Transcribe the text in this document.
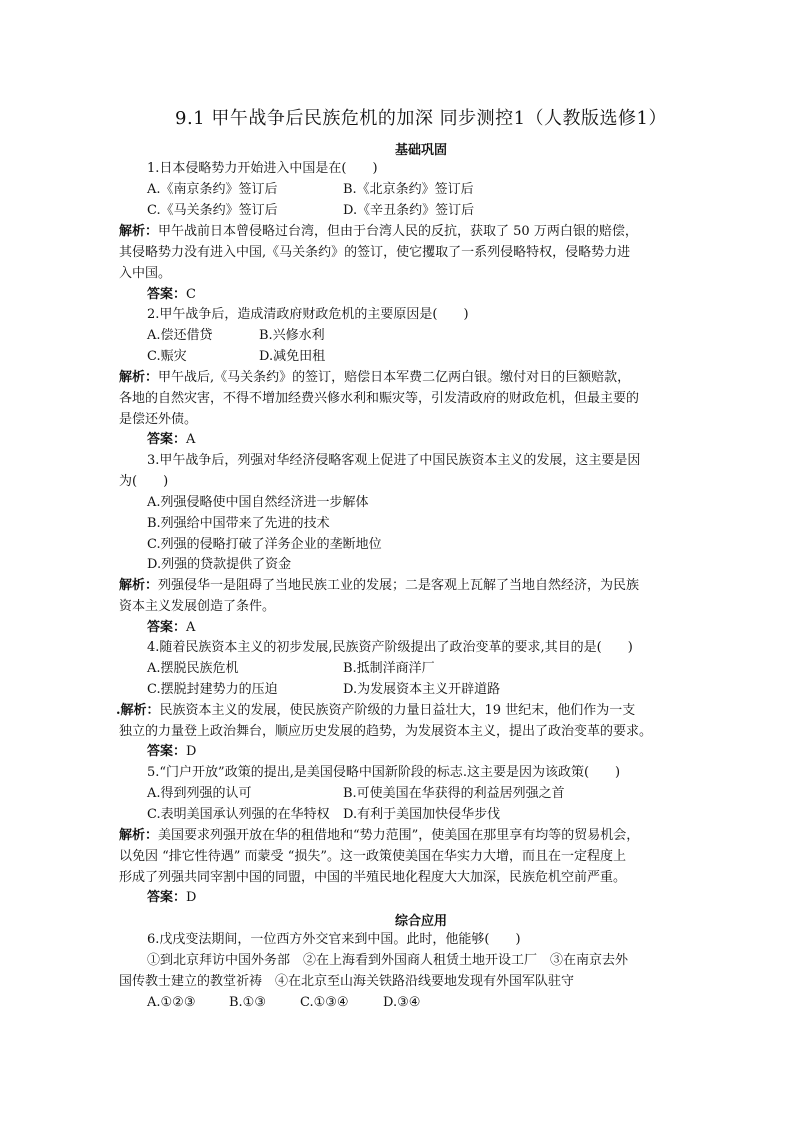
9.1 甲午战争后民族危机的加深 同步测控1（人教版选修1）
基础巩固
1.日本侵略势力开始进入中国是在(　　)
A.《南京条约》签订后	B.《北京条约》签订后
C.《马关条约》签订后	D.《辛丑条约》签订后
解析：甲午战前日本曾侵略过台湾，但由于台湾人民的反抗，获取了 50 万两白银的赔偿，
其侵略势力没有进入中国,《马关条约》的签订，使它攫取了一系列侵略特权，侵略势力进
入中国。
答案：C
2.甲午战争后，造成清政府财政危机的主要原因是(　　)
A.偿还借贷	B.兴修水利
C.赈灾	D.减免田租
解析：甲午战后,《马关条约》的签订，赔偿日本军费二亿两白银。缴付对日的巨额赔款，
各地的自然灾害，不得不增加经费兴修水利和赈灾等，引发清政府的财政危机，但最主要的
是偿还外债。
答案：A
3.甲午战争后，列强对华经济侵略客观上促进了中国民族资本主义的发展，这主要是因
为(　　)
A.列强侵略使中国自然经济进一步解体
B.列强给中国带来了先进的技术
C.列强的侵略打破了洋务企业的垄断地位
D.列强的贷款提供了资金
解析：列强侵华一是阻碍了当地民族工业的发展；二是客观上瓦解了当地自然经济，为民族
资本主义发展创造了条件。
答案：A
4.随着民族资本主义的初步发展,民族资产阶级提出了政治变革的要求,其目的是(　　)
A.摆脱民族危机	B.抵制洋商洋厂
C.摆脱封建势力的压迫	D.为发展资本主义开辟道路
.解析：民族资本主义的发展，使民族资产阶级的力量日益壮大，19 世纪末，他们作为一支
独立的力量登上政治舞台，顺应历史发展的趋势，为发展资本主义，提出了政治变革的要求。
答案：D
5.“门户开放”政策的提出,是美国侵略中国新阶段的标志.这主要是因为该政策(　　)
A.得到列强的认可	B.可使美国在华获得的利益居列强之首
C.表明美国承认列强的在华特权 D.有利于美国加快侵华步伐
解析：美国要求列强开放在华的租借地和“势力范围”，使美国在那里享有均等的贸易机会，
以免因 “排它性待遇” 而蒙受 “损失”。这一政策使美国在华实力大增，而且在一定程度上
形成了列强共同宰割中国的同盟，中国的半殖民地化程度大大加深，民族危机空前严重。
答案：D
综合应用
6.戊戌变法期间，一位西方外交官来到中国。此时，他能够(　　)
①到北京拜访中国外务部　②在上海看到外国商人租赁土地开设工厂　③在南京去外
国传教士建立的教堂祈祷　④在北京至山海关铁路沿线要地发现有外国军队驻守
A.①②③	B.①③	C.①③④	D.③④
